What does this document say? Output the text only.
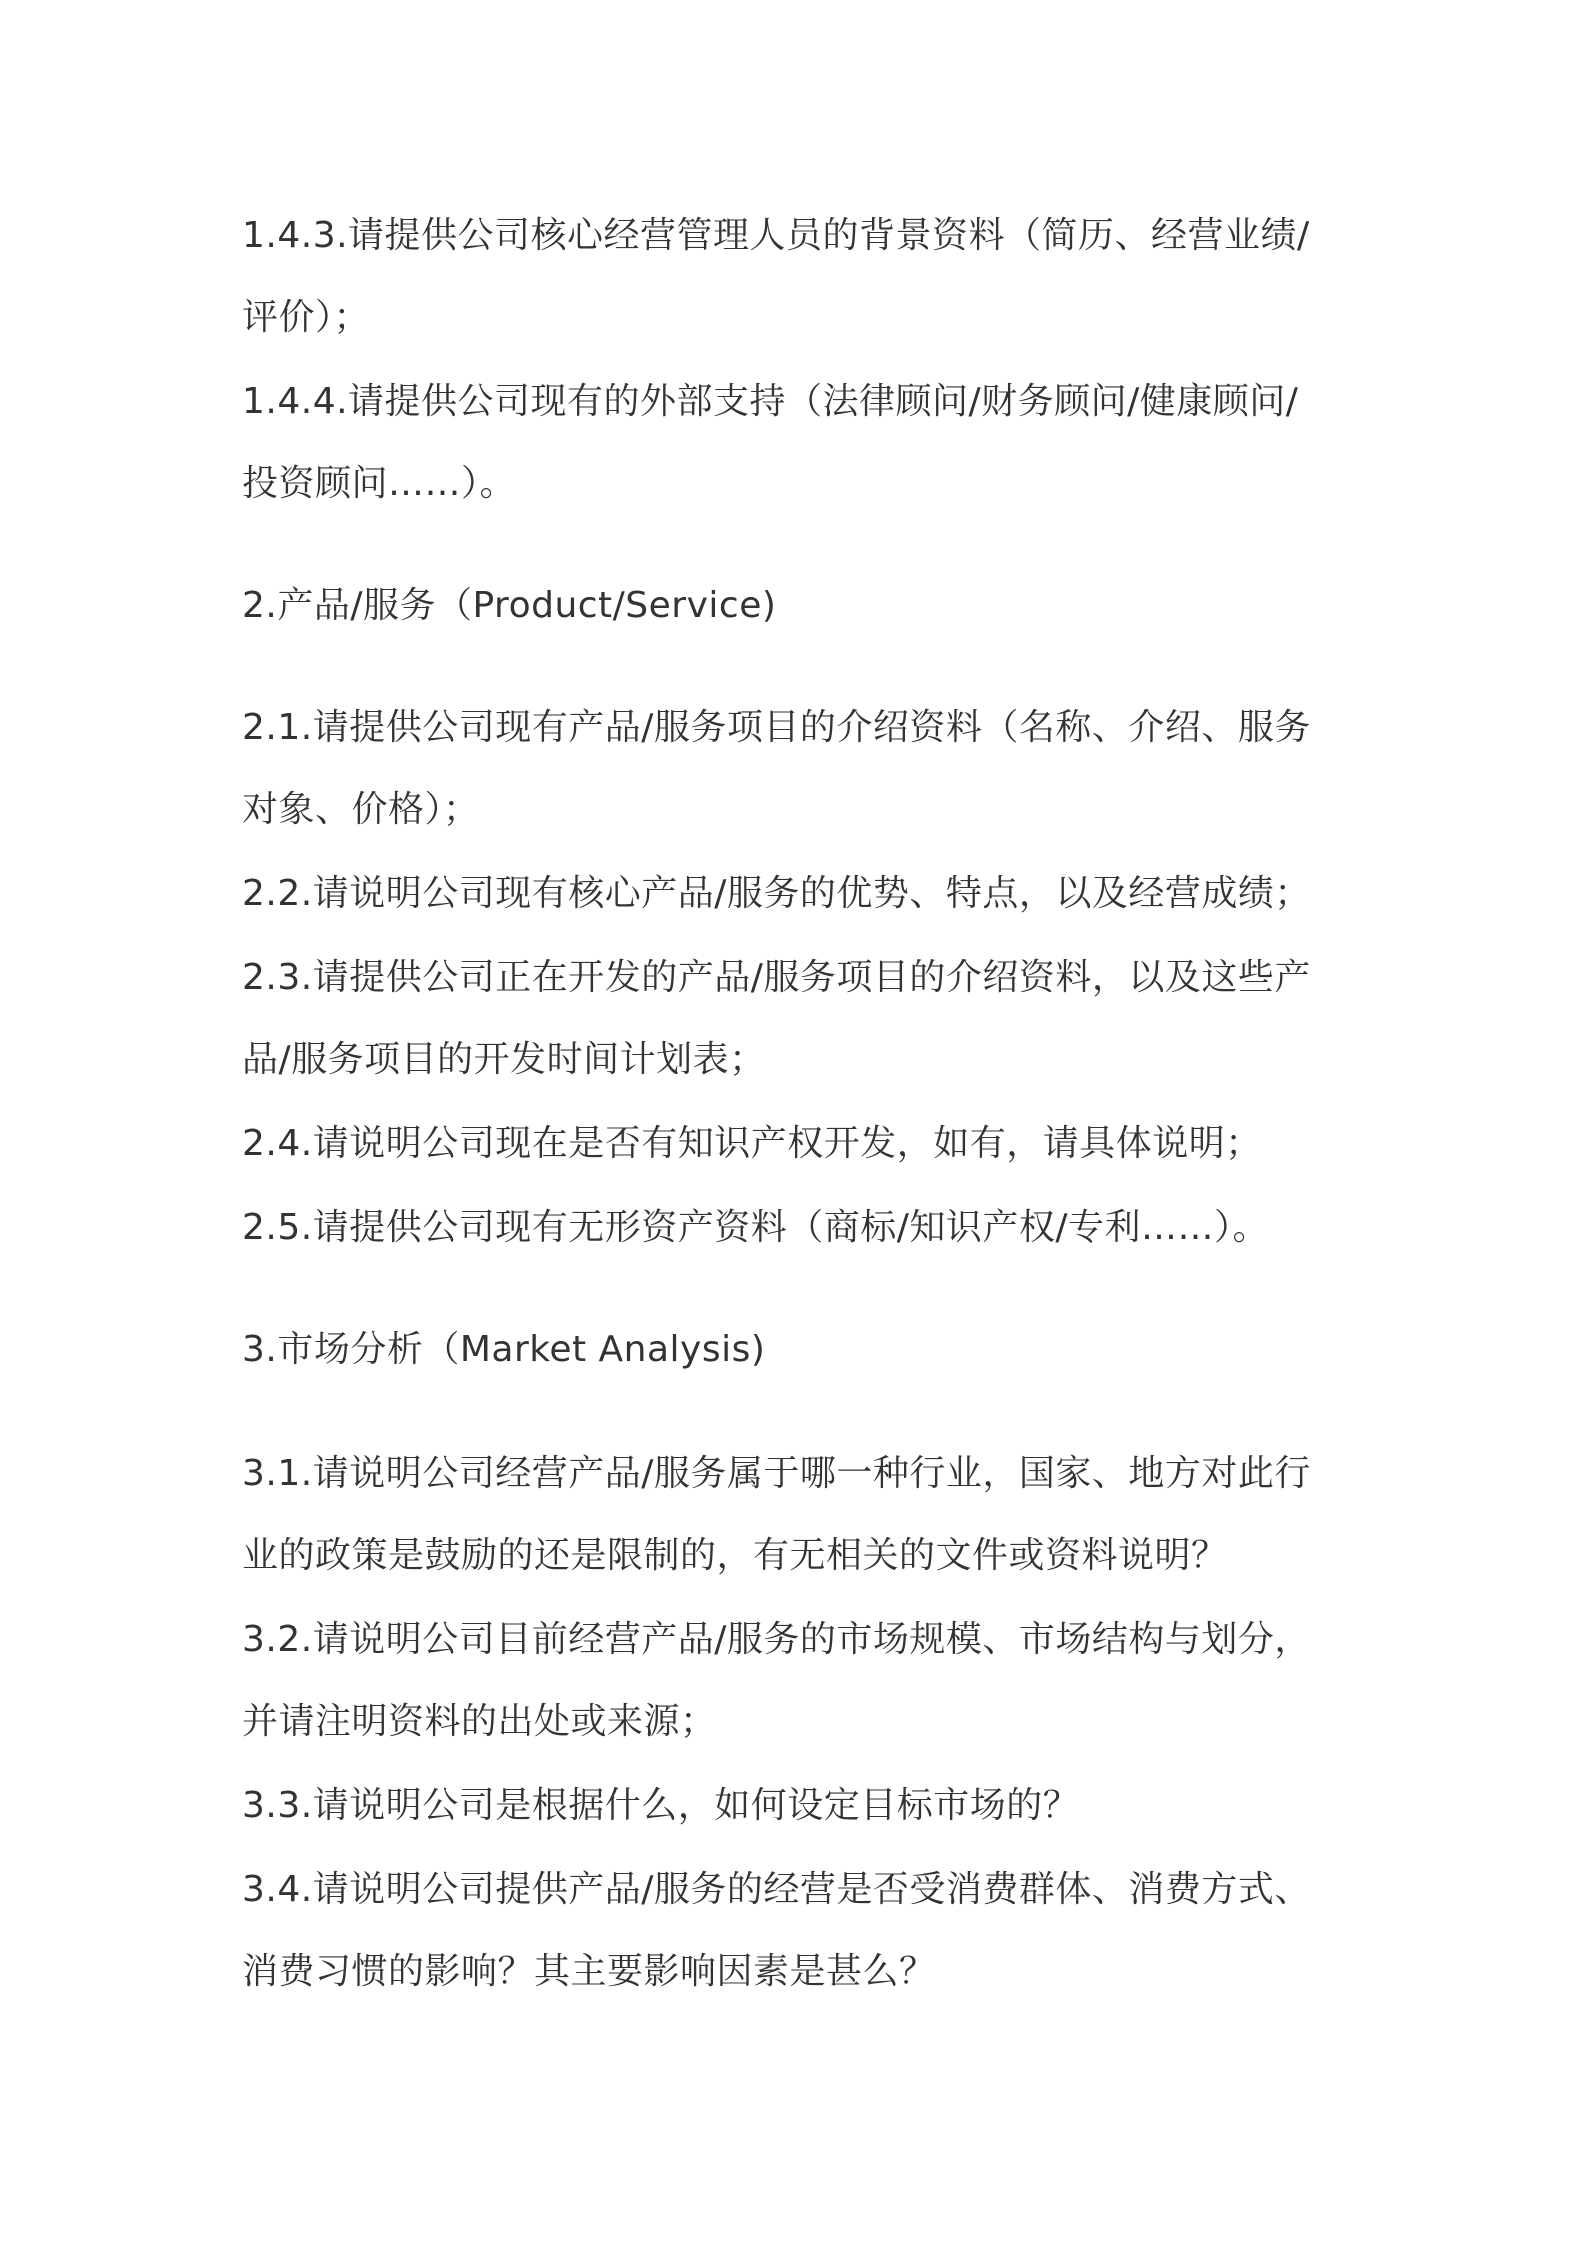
1.4.3.请提供公司核心经营管理人员的背景资料（简历、经营业绩/

评价）；

1.4.4.请提供公司现有的外部支持（法律顾问/财务顾问/健康顾问/

投资顾问……）。

2.产品/服务（Product/Service)

2.1.请提供公司现有产品/服务项目的介绍资料（名称、介绍、服务

对象、价格）；

2.2.请说明公司现有核心产品/服务的优势、特点，以及经营成绩；

2.3.请提供公司正在开发的产品/服务项目的介绍资料，以及这些产

品/服务项目的开发时间计划表；

2.4.请说明公司现在是否有知识产权开发，如有，请具体说明；

2.5.请提供公司现有无形资产资料（商标/知识产权/专利……）。

3.市场分析（Market Analysis)

3.1.请说明公司经营产品/服务属于哪一种行业，国家、地方对此行

业的政策是鼓励的还是限制的，有无相关的文件或资料说明？

3.2.请说明公司目前经营产品/服务的市场规模、市场结构与划分，

并请注明资料的出处或来源；

3.3.请说明公司是根据什么，如何设定目标市场的？

3.4.请说明公司提供产品/服务的经营是否受消费群体、消费方式、

消费习惯的影响？其主要影响因素是甚么？
